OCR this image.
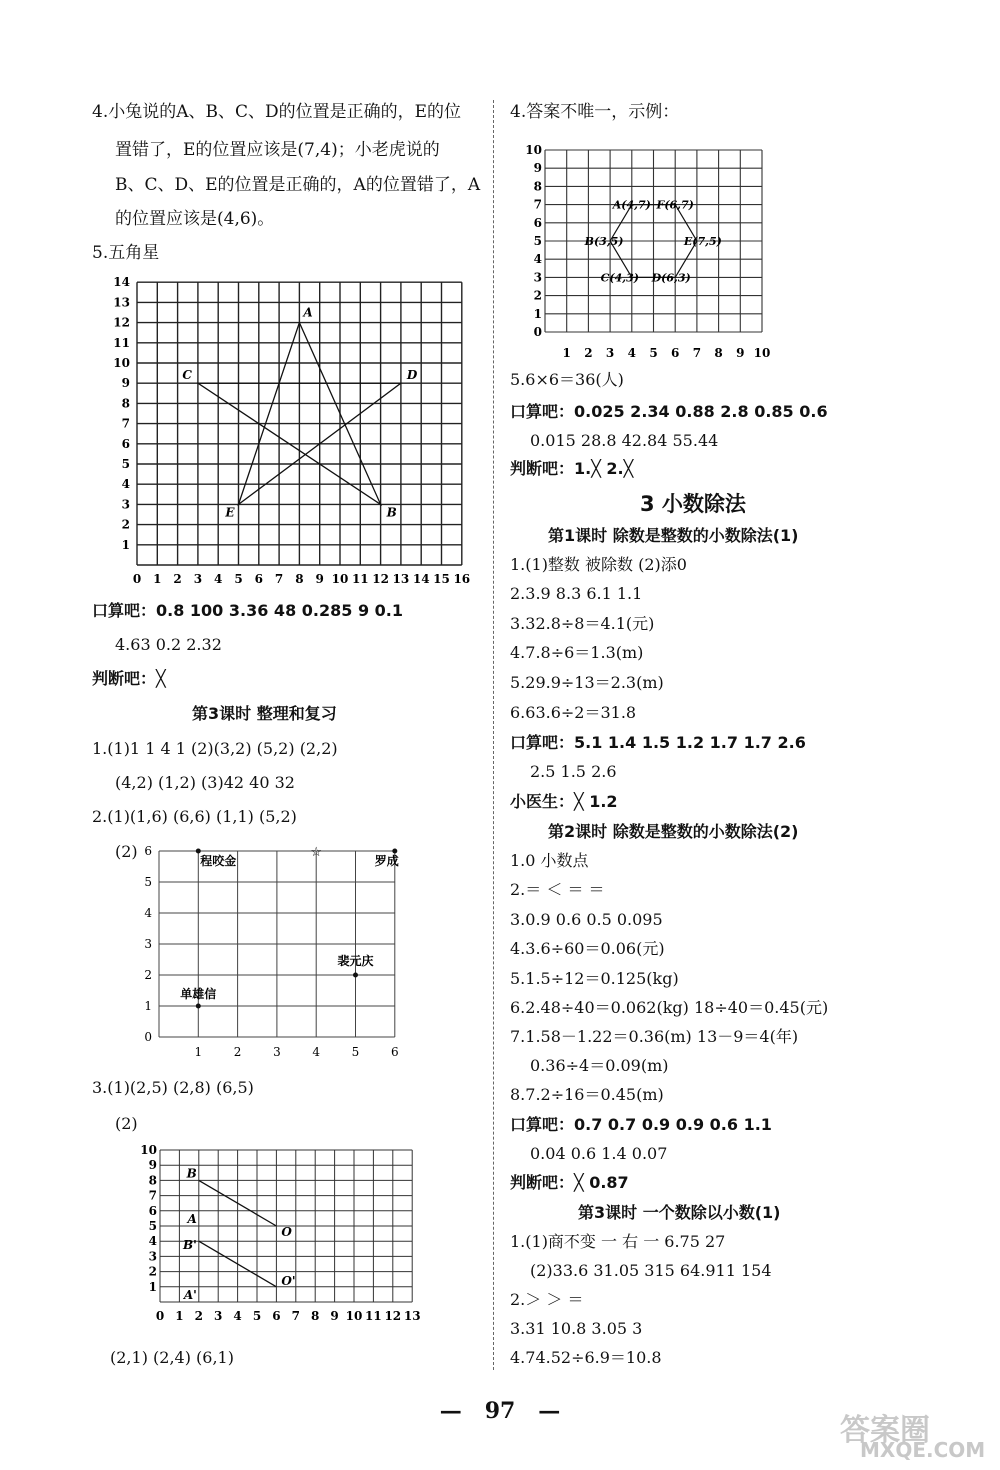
4.小兔说的A、B、C、D的位置是正确的，E的位
置错了，E的位置应该是(7,4)；小老虎说的
B、C、D、E的位置是正确的，A的位置错了，A
的位置应该是(4,6)。
5.五角星
0 1 2 3 4 5 6 7 8 9 10 11 12 13 14 15 16
1
2
3
4
5
6
7
8
9
10
11
12
13
14
A
C	D
E	B
口算吧：0.8 100 3.36 48 0.285 9 0.1
4.63 0.2 2.32
判断吧：╳
第3课时 整理和复习
1.(1)1 1 4 1 (2)(3,2) (5,2) (2,2)
(4,2) (1,2) (3)42 40 32
2.(1)(1,6) (6,6) (1,1) (5,2)
(2)
1	2	3	4	5	6
0
1
2
3
4
5
6
程咬金	罗成
裴元庆
单雄信
☆
3.(1)(2,5) (2,8) (6,5)
(2)
0 1 2 3 4 5 6 7 8 9 10 11 12 13
1
2
3
4
5
6
7
8
9
10
B
O
A
B'
O'
A'
(2,1) (2,4) (6,1)
4.答案不唯一，示例：
1 2 3 4 5 6 7 8 9 10
0
1
2
3
4
5
6
7
8
9
10
A(4,7) F(6,7)
B(3,5)	E(7,5)
C(4,3) D(6,3)
5.6×6＝36(人)
口算吧：0.025 2.34 0.88 2.8 0.85 0.6
0.015 28.8 42.84 55.44
判断吧：1.╳ 2.╳
3 小数除法
第1课时 除数是整数的小数除法(1)
1.(1)整数 被除数 (2)添0
2.3.9 8.3 6.1 1.1
3.32.8÷8＝4.1(元)
4.7.8÷6＝1.3(m)
5.29.9÷13＝2.3(m)
6.63.6÷2＝31.8
口算吧：5.1 1.4 1.5 1.2 1.7 1.7 2.6
2.5 1.5 2.6
小医生：╳ 1.2
第2课时 除数是整数的小数除法(2)
1.0 小数点
2.＝ ＜ ＝ ＝
3.0.9 0.6 0.5 0.095
4.3.6÷60＝0.06(元)
5.1.5÷12＝0.125(kg)
6.2.48÷40＝0.062(kg) 18÷40＝0.45(元)
7.1.58－1.22＝0.36(m) 13－9＝4(年)
0.36÷4＝0.09(m)
8.7.2÷16＝0.45(m)
口算吧：0.7 0.7 0.9 0.9 0.6 1.1
0.04 0.6 1.4 0.07
判断吧：╳ 0.87
第3课时 一个数除以小数(1)
1.(1)商不变 一 右 一 6.75 27
(2)33.6 31.05 315 64.911 154
2.＞ ＞ ＝
3.31 10.8 3.05 3
4.74.52÷6.9＝10.8
— 97 —
答案圈
MXQE.COM
